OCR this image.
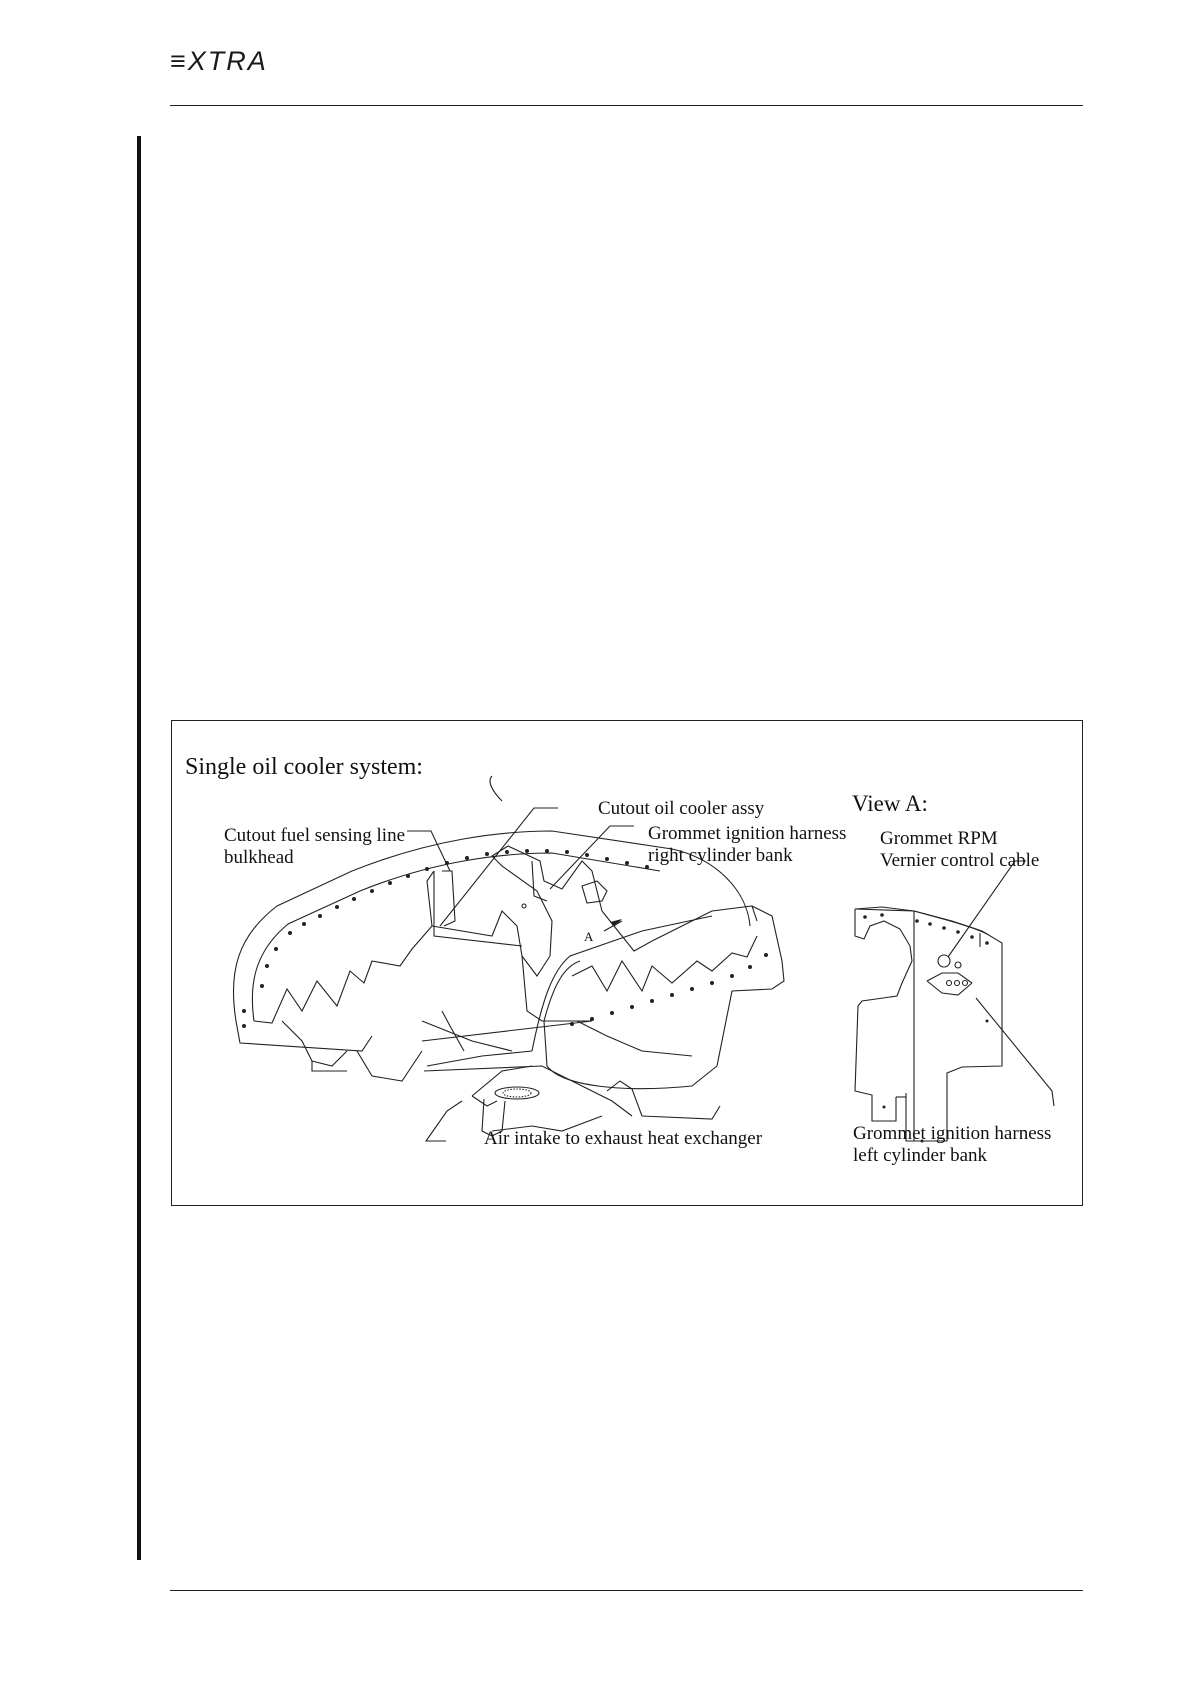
≡XTRA
Single oil cooler system:
View A:
A
Cutout fuel sensing line
bulkhead
Cutout oil cooler assy
Grommet ignition harness
right cylinder bank
Air intake to exhaust heat exchanger
Grommet RPM
Vernier control cable
Grommet ignition harness
left cylinder bank
